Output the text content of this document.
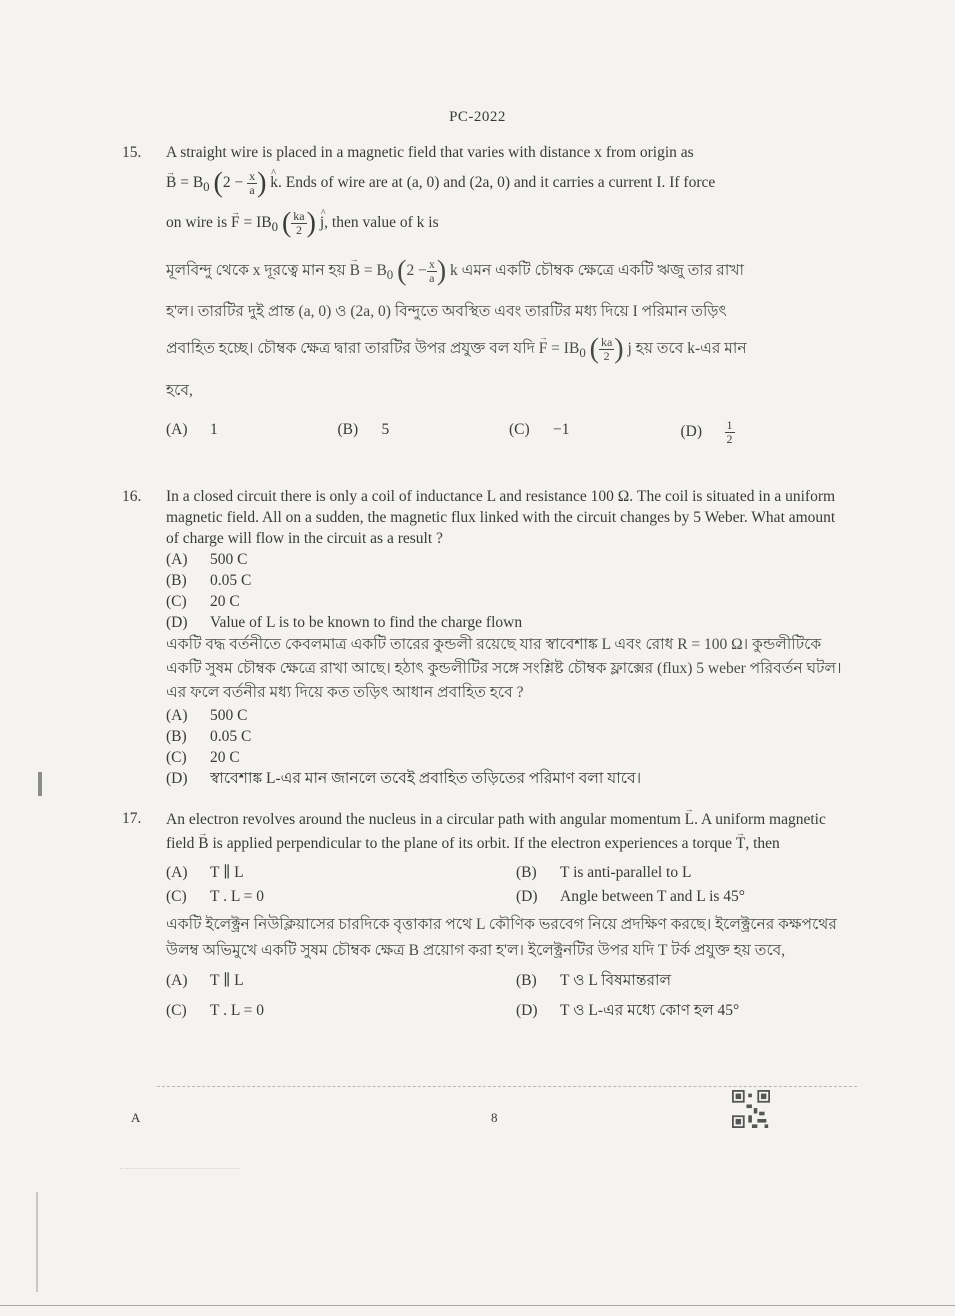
PC-2022
15.	A straight wire is placed in a magnetic field that varies with distance x from origin as
→ $B = B_0$ ($2 - \frac{x}{a}$ ) ^ k. Ends of wire are at (a, 0) and (2a, 0) and it carries a current I. If force
on wire is → $F = IB_0$ ( $\frac{ka}{2}$ ) ^ j, then value of k is
মূলবিন্দু থেকে x দূরত্বে মান হয় → $B = B_0$ ($2 - \frac{x}{a}$ ) k এমন একটি চৌম্বক ক্ষেত্রে একটি ঋজু তার রাখা
হ'ল। তারটির দুই প্রান্ত (a, 0) ও (2a, 0) বিন্দুতে অবস্থিত এবং তারটির মধ্য দিয়ে I পরিমান তড়িৎ
প্রবাহিত হচ্ছে। চৌম্বক ক্ষেত্র দ্বারা তারটির উপর প্রযুক্ত বল যদি → $F = IB_0$ ( $\frac{ka}{2}$ ) j হয় তবে k-এর মান
হবে,
(A) 1	(B) 5	(C) −1	$(D) \frac{1}{2}$
16.	In a closed circuit there is only a coil of inductance L and resistance 100 Ω. The coil is situated in a uniform magnetic field. All on a sudden, the magnetic flux linked with the circuit changes by 5 Weber. What amount of charge will flow in the circuit as a result ?
(A) 500 C
(B) 0.05 C
(C) 20 C
(D) Value of L is to be known to find the charge flown
একটি বদ্ধ বর্তনীতে কেবলমাত্র একটি তারের কুন্ডলী রয়েছে যার স্বাবেশাঙ্ক L এবং রোধ R = 100 Ω। কুন্ডলীটিকে একটি সুষম চৌম্বক ক্ষেত্রে রাখা আছে। হঠাৎ কুন্ডলীটির সঙ্গে সংশ্লিষ্ট চৌম্বক ফ্লাক্সের (flux) 5 weber পরিবর্তন ঘটল। এর ফলে বর্তনীর মধ্য দিয়ে কত তড়িৎ আধান প্রবাহিত হবে ?
(A) 500 C
(B) 0.05 C
(C) 20 C
(D) স্বাবেশাঙ্ক L-এর মান জানলে তবেই প্রবাহিত তড়িতের পরিমাণ বলা যাবে।
17.	An electron revolves around the nucleus in a circular path with angular momentum → L. A uniform magnetic field → B is applied perpendicular to the plane of its orbit. If the electron experiences a torque → T, then
(A) T ∥ L	(B) T is anti-parallel to L
(C) T . L = 0	(D) Angle between T and L is 45°
একটি ইলেক্ট্রন নিউক্লিয়াসের চারদিকে বৃত্তাকার পথে L কৌণিক ভরবেগ নিয়ে প্রদক্ষিণ করছে। ইলেক্ট্রনের কক্ষপথের উলম্ব অভিমুখে একটি সুষম চৌম্বক ক্ষেত্র B প্রয়োগ করা হ'ল। ইলেক্ট্রনটির উপর যদি T টর্ক প্রযুক্ত হয় তবে,
(A) T ∥ L	(B) T ও L বিষমান্তরাল
(C) T . L = 0	(D) T ও L-এর মধ্যে কোণ হল 45°
A	8
